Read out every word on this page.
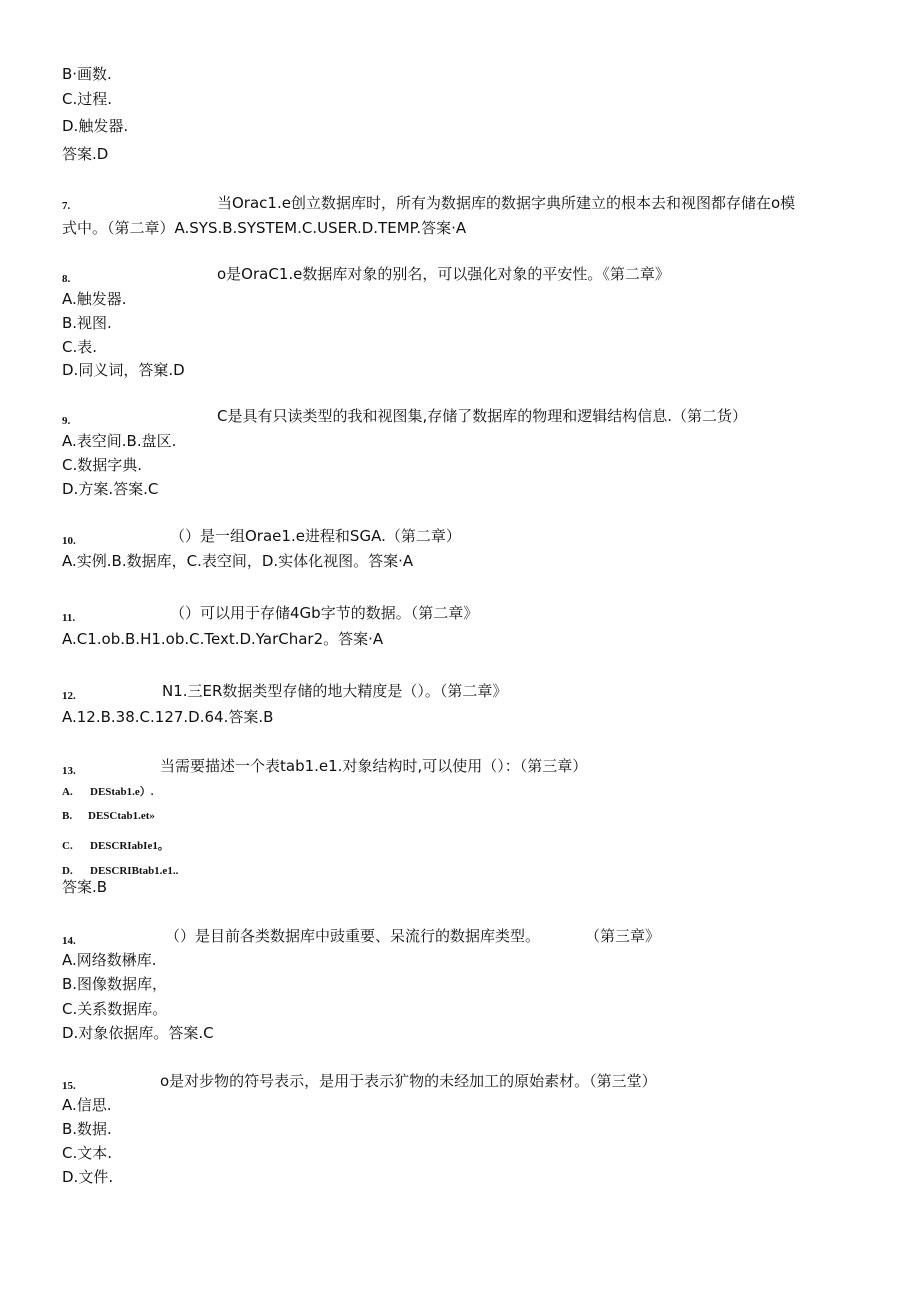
B·画数.
C.过程.
D.触发器.
答案.D
7.	当Orac1.e创立数据库时，所有为数据库的数据字典所建立的根本去和视图都存储在o模
式中。（第二章）A.SYS.B.SYSTEM.C.USER.D.TEMP.答案·A
8.	o是OraC1.e数据库对象的别名，可以强化对象的平安性。《第二章》
A.触发器.
B.视图.
C.表.
D.同义词，答窠.D
9.	C是具有只读类型的我和视图集,存储了数据库的物理和逻辑结构信息.（第二货）
A.表空间.B.盘区.
C.数据字典.
D.方案.答案.C
10.	（）是一组Orae1.e进程和SGA.（第二章）
A.实例.B.数据库，C.表空间，D.实体化视图。答案·A
11.	（）可以用于存储4Gb字节的数据。（第二章》
A.C1.ob.B.H1.ob.C.Text.D.YarChar2。答案·A
12.	N1.三ER数据类型存储的地大精度是（）。（第二章》
A.12.B.38.C.127.D.64.答案.B
13.	当需要描述一个表tab1.e1.对象结构时,可以使用（）：（第三章）
A. DEStab1.e）.
B. DESCtab1.et»
C. DESCRIabIe1。
D. DESCRIBtab1.e1..
答案.B
14.	（）是目前各类数据库中豉重要、呆流行的数据库类型。	（第三章》
A.网络数楙库.
B.图像数据库，
C.关系数据库。
D.对象依据库。答案.C
15.	o是对步物的符号表示，是用于表示犷物的未经加工的原始素材。（第三堂）
A.信思.
B.数据.
C.文本.
D.文件.
